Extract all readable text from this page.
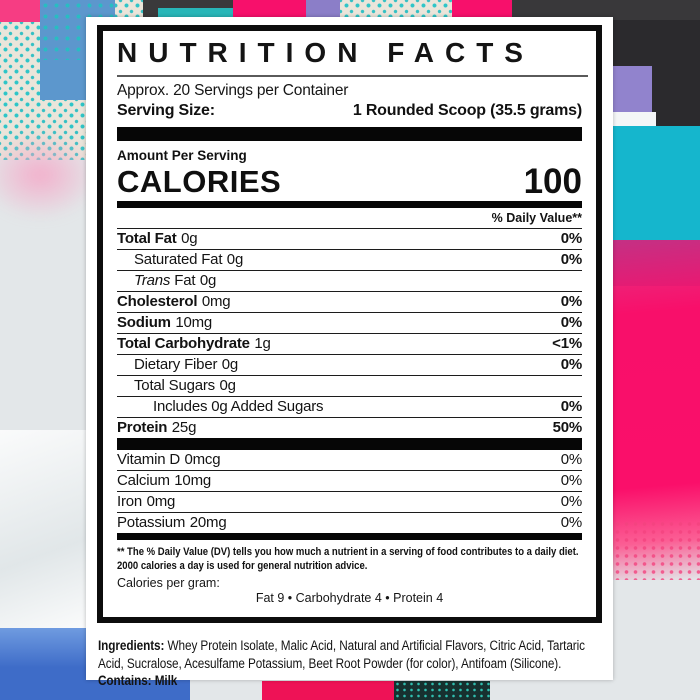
NUTRITION FACTS
Approx. 20 Servings per Container
Serving Size:	1 Rounded Scoop (35.5 grams)
Amount Per Serving
CALORIES	100
% Daily Value**
Total Fat 0g	0%
Saturated Fat 0g	0%
Trans Fat 0g
Cholesterol 0mg	0%
Sodium 10mg	0%
Total Carbohydrate 1g	<1%
Dietary Fiber 0g	0%
Total Sugars 0g
Includes 0g Added Sugars	0%
Protein 25g	50%
Vitamin D 0mcg	0%
Calcium 10mg	0%
Iron 0mg	0%
Potassium 20mg	0%
** The % Daily Value (DV) tells you how much a nutrient in a serving of food contributes to a daily diet. 2000 calories a day is used for general nutrition advice.
Calories per gram:
Fat 9 • Carbohydrate 4 • Protein 4
Ingredients: Whey Protein Isolate, Malic Acid, Natural and Artificial Flavors, Citric Acid, Tartaric Acid, Sucralose, Acesulfame Potassium, Beet Root Powder (for color), Antifoam (Silicone).
Contains: Milk
